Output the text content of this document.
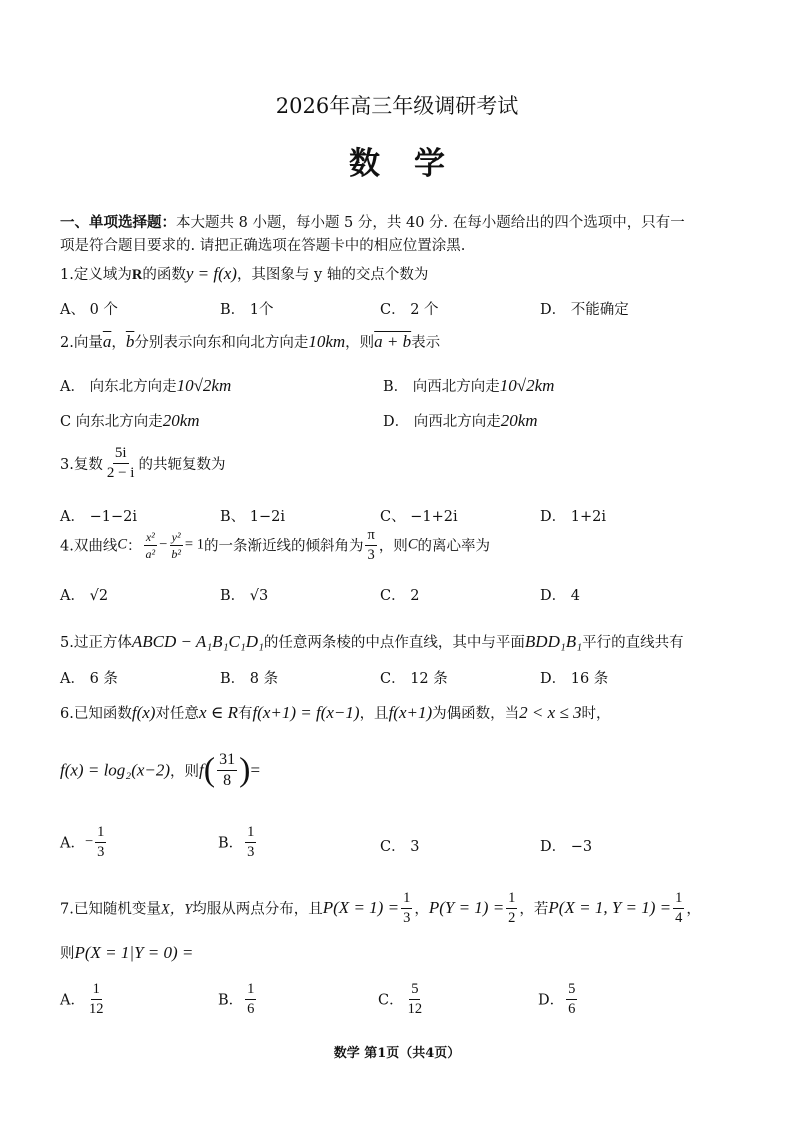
2026年高三年级调研考试
数学
一、单项选择题：本大题共 8 小题，每小题 5 分，共 40 分. 在每小题给出的四个选项中，只有一
项是符合题目要求的. 请把正确选项在答题卡中的相应位置涂黑.
1.定义域为R的函数y = f(x)，其图象与 y 轴的交点个数为
A、 0 个	B． 1个	C． 2 个	D． 不能确定
2.向量$\overline{a}$，$\overline{b}$分别表示向东和向北方向走10km，则a + b表示
A． 向东北方向走10√2km	B． 向西北方向走10√2km
C 向东北方向走20km	D． 向西北方向走20km
3.复数 $\frac{5i}{2 - i}$ 的共轭复数为
A． −1−2i	B、 1−2i	C、 −1+2i	D． 1+2i
4.双曲线C： $\frac{\text{x²}}{\text{a²}} - \frac{\text{y²}}{\text{b²}} = 1$的一条渐近线的倾斜角为 $\frac{\pi}{3}$ ，则C的离心率为
A． √2	B． √3	C． 2	D． 4
5.过正方体ABCD − A₁B₁C₁D₁的任意两条棱的中点作直线，其中与平面BDD₁B₁平行的直线共有
A． 6 条	B． 8 条	C． 12 条	D． 16 条
6.已知函数f(x)对任意x ∈ R有f(x+1) = f(x−1)，且f(x+1)为偶函数，当2 < x ≤ 3时，
f(x) = log₂(x−2)，则$f( \frac{31}{8}$ )=
A．− $\frac{1}{3}$	B． $\frac{1}{3}$	C． 3	D． −3
7.已知随机变量X，Y均服从两点分布，且$P(X = 1) = \frac{1}{3}$ ，$P(Y = 1) = \frac{1}{2}$ ，若P(X = 1, $Y = 1) = \frac{1}{4}$ ，
则P(X = 1|Y = 0) =
A． $\frac{1}{12}$	B． $\frac{1}{6}$	C． $\frac{5}{12}$	D． $\frac{5}{6}$
数学 第1页（共4页）
